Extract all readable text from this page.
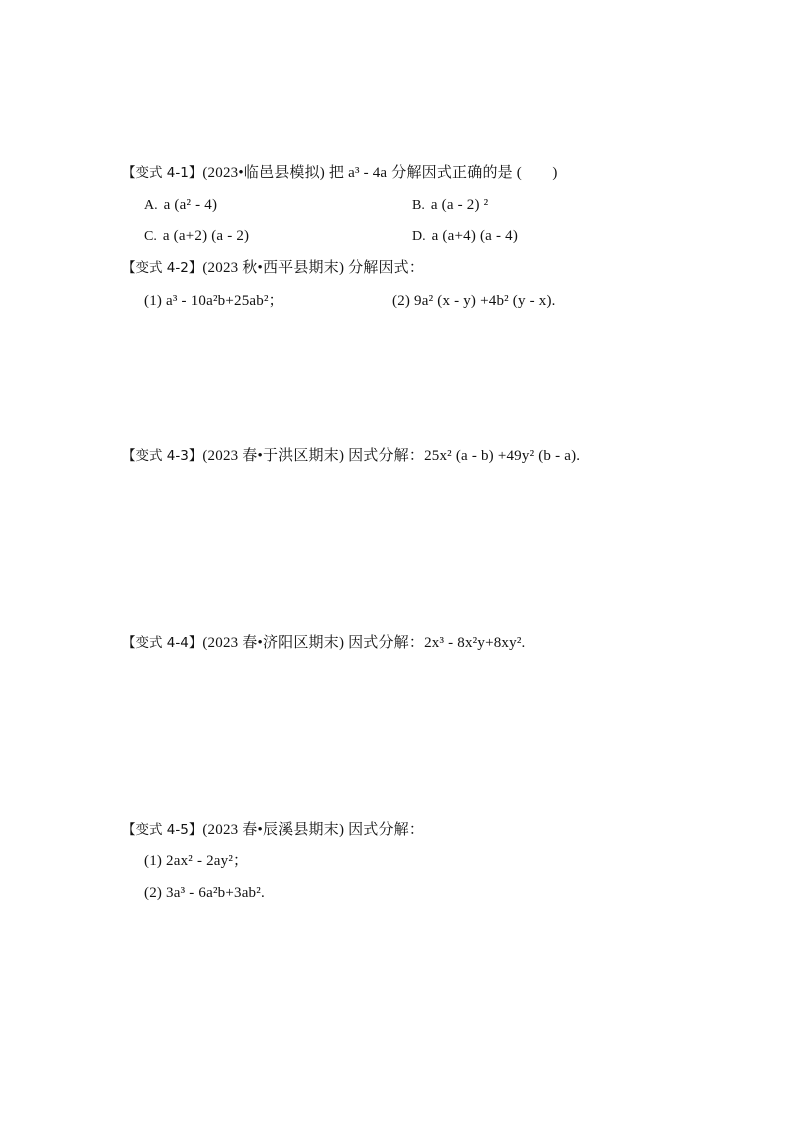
【变式 4-1】(2023•临邑县模拟) 把 a³ - 4a 分解因式正确的是 (　　)
A. a (a² - 4)	B. a (a - 2) ²
C. a (a+2) (a - 2)	D. a (a+4) (a - 4)
【变式 4-2】(2023 秋•西平县期末) 分解因式：
(1) a³ - 10a²b+25ab²；	(2) 9a² (x - y) +4b² (y - x).
【变式 4-3】(2023 春•于洪区期末) 因式分解：25x² (a - b) +49y² (b - a).
【变式 4-4】(2023 春•济阳区期末) 因式分解：2x³ - 8x²y+8xy².
【变式 4-5】(2023 春•辰溪县期末) 因式分解：
(1) 2ax² - 2ay²；
(2) 3a³ - 6a²b+3ab².
